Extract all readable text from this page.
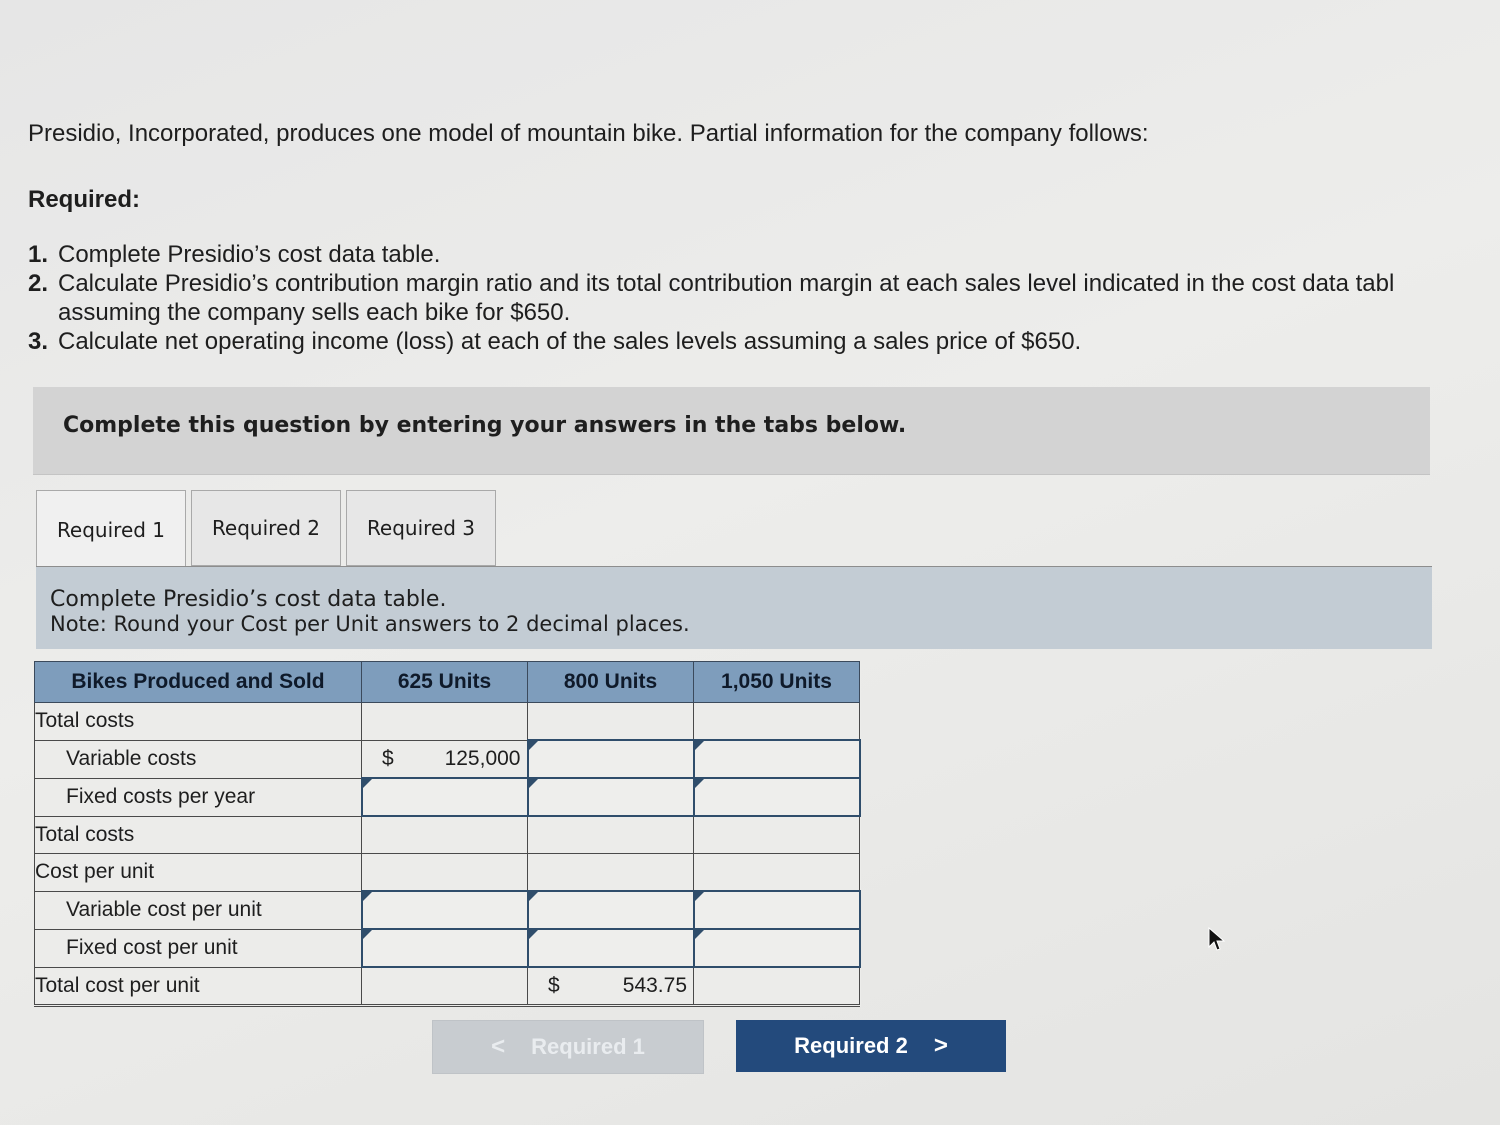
Presidio, Incorporated, produces one model of mountain bike. Partial information for the company follows:
Required:
1. Complete Presidio’s cost data table.
2. Calculate Presidio’s contribution margin ratio and its total contribution margin at each sales level indicated in the cost data tabl
assuming the company sells each bike for $650.
3. Calculate net operating income (loss) at each of the sales levels assuming a sales price of $650.
Complete this question by entering your answers in the tabs below.
Required 1	Required 2	Required 3
Complete Presidio’s cost data table.
Note: Round your Cost per Unit answers to 2 decimal places.
Bikes Produced and Sold	625 Units	800 Units	1,050 Units
Total costs			
Variable costs	$ 125,000		

Fixed costs per year			
Total costs			
Cost per unit			
Variable cost per unit			
Fixed cost per unit			
Total cost per unit		$ 543.75	

< Required 1	Required 2 >
